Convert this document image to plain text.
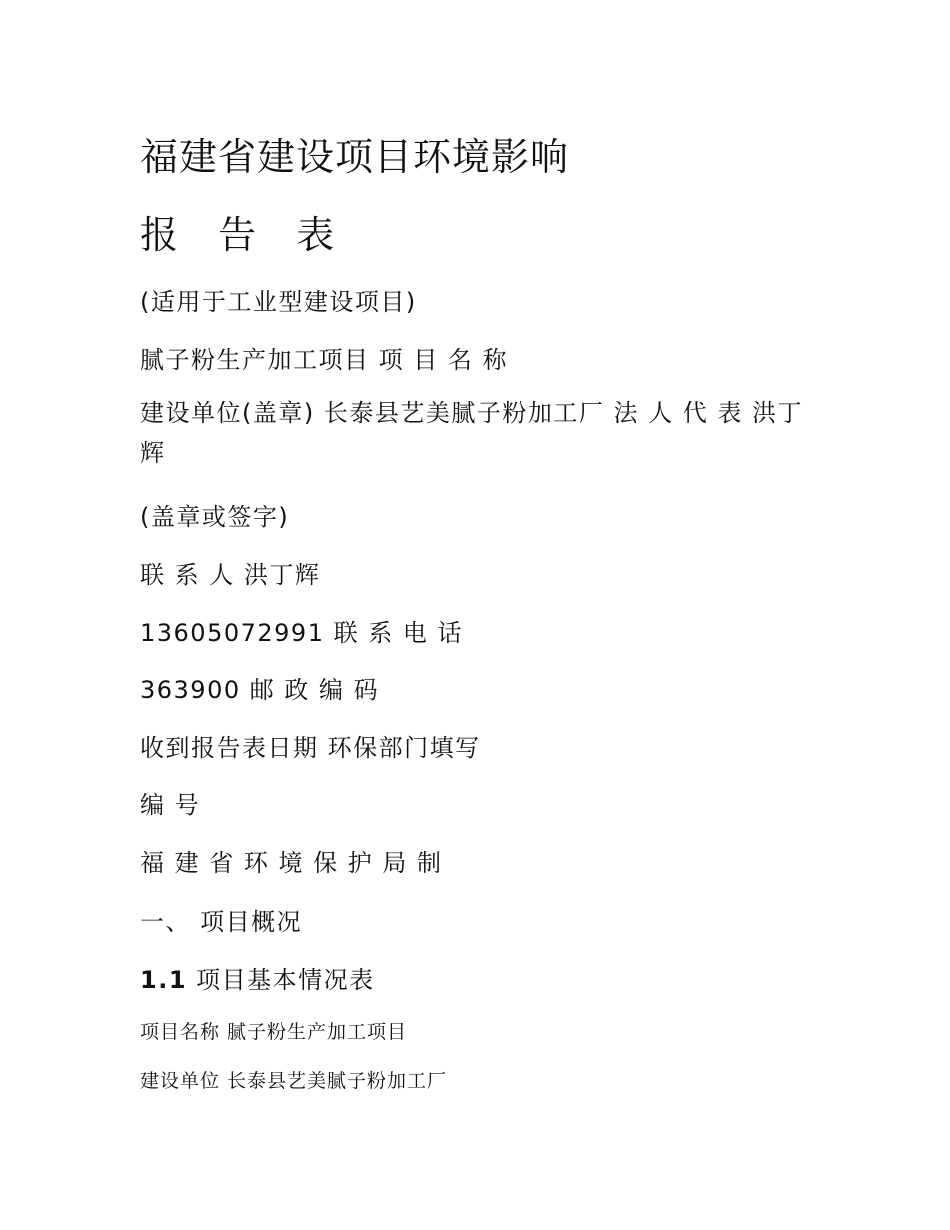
福建省建设项目环境影响
报 告 表

(适用于工业型建设项目)

腻子粉生产加工项目 项 目 名 称

建设单位(盖章) 长泰县艺美腻子粉加工厂 法 人 代 表 洪丁辉

(盖章或签字)

联 系 人 洪丁辉

13605072991 联 系 电 话

363900 邮 政 编 码

收到报告表日期 环保部门填写

编 号

福 建 省 环 境 保 护 局 制

一、 项目概况
1.1 项目基本情况表

项目名称 腻子粉生产加工项目

建设单位 长泰县艺美腻子粉加工厂
